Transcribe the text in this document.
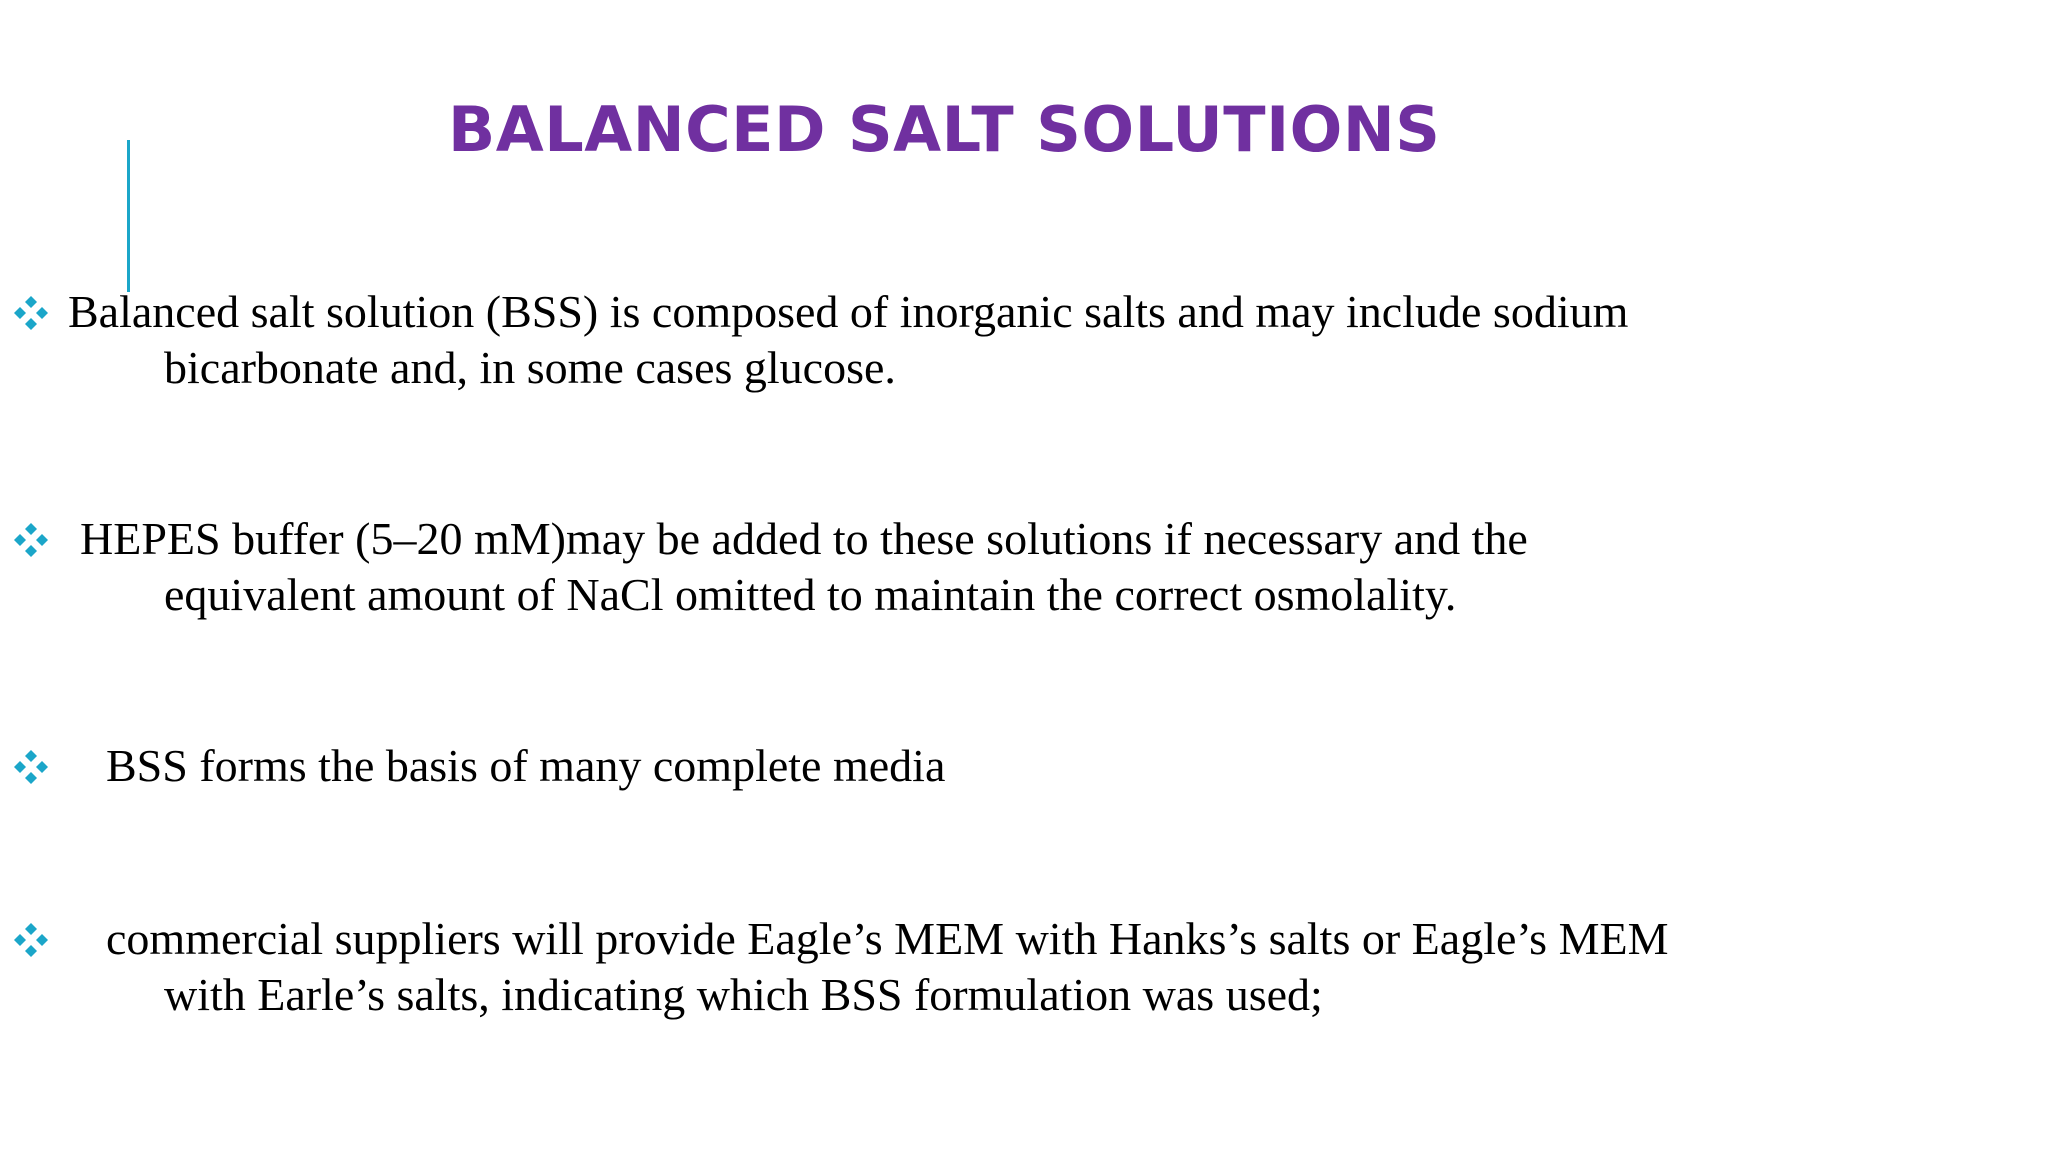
BALANCED SALT SOLUTIONS
Balanced salt solution (BSS) is composed of inorganic salts and may include sodium
bicarbonate and, in some cases glucose.
HEPES buffer (5–20 mM)may be added to these solutions if necessary and the
equivalent amount of NaCl omitted to maintain the correct osmolality.
BSS forms the basis of many complete media
commercial suppliers will provide Eagle’s MEM with Hanks’s salts or Eagle’s MEM
with Earle’s salts, indicating which BSS formulation was used;
